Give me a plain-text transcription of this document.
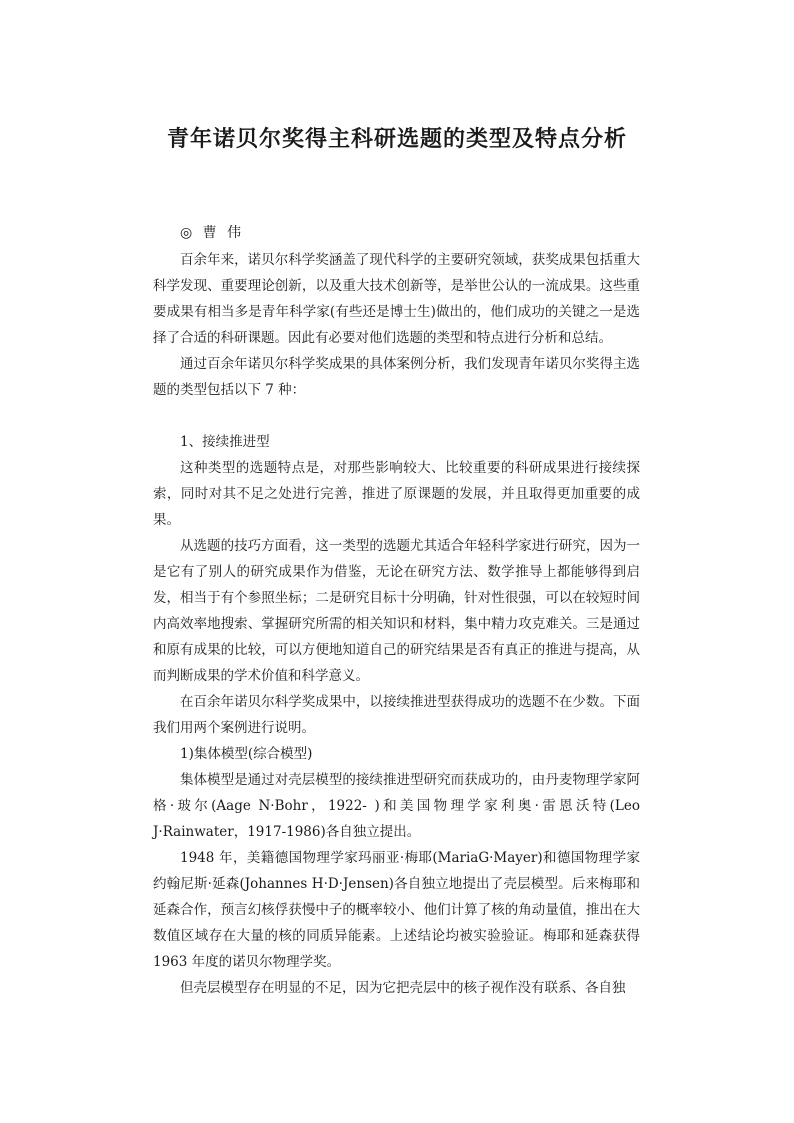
青年诺贝尔奖得主科研选题的类型及特点分析
◎ 曹 伟

百余年来，诺贝尔科学奖涵盖了现代科学的主要研究领域，获奖成果包括重大科学发现、重要理论创新，以及重大技术创新等，是举世公认的一流成果。这些重要成果有相当多是青年科学家(有些还是博士生)做出的，他们成功的关键之一是选择了合适的科研课题。因此有必要对他们选题的类型和特点进行分析和总结。

通过百余年诺贝尔科学奖成果的具体案例分析，我们发现青年诺贝尔奖得主选题的类型包括以下 7 种：

1、接续推进型

这种类型的选题特点是，对那些影响较大、比较重要的科研成果进行接续探索，同时对其不足之处进行完善，推进了原课题的发展，并且取得更加重要的成果。

从选题的技巧方面看，这一类型的选题尤其适合年轻科学家进行研究，因为一是它有了别人的研究成果作为借鉴，无论在研究方法、数学推导上都能够得到启发，相当于有个参照坐标；二是研究目标十分明确，针对性很强，可以在较短时间内高效率地搜索、掌握研究所需的相关知识和材料，集中精力攻克难关。三是通过和原有成果的比较，可以方便地知道自己的研究结果是否有真正的推进与提高，从而判断成果的学术价值和科学意义。

在百余年诺贝尔科学奖成果中，以接续推进型获得成功的选题不在少数。下面我们用两个案例进行说明。

1)集体模型(综合模型)

集体模型是通过对壳层模型的接续推进型研究而获成功的，由丹麦物理学家阿格·玻尔(Aage N·Bohr，1922- )和美国物理学家利奥·雷恩沃特(Leo J·Rainwater，1917-1986)各自独立提出。

1948 年，美籍德国物理学家玛丽亚·梅耶(MariaG·Mayer)和德国物理学家约翰尼斯·延森(Johannes H·D·Jensen)各自独立地提出了壳层模型。后来梅耶和延森合作，预言幻核俘获慢中子的概率较小、他们计算了核的角动量值，推出在大数值区域存在大量的核的同质异能素。上述结论均被实验验证。梅耶和延森获得 1963 年度的诺贝尔物理学奖。

但壳层模型存在明显的不足，因为它把壳层中的核子视作没有联系、各自独
